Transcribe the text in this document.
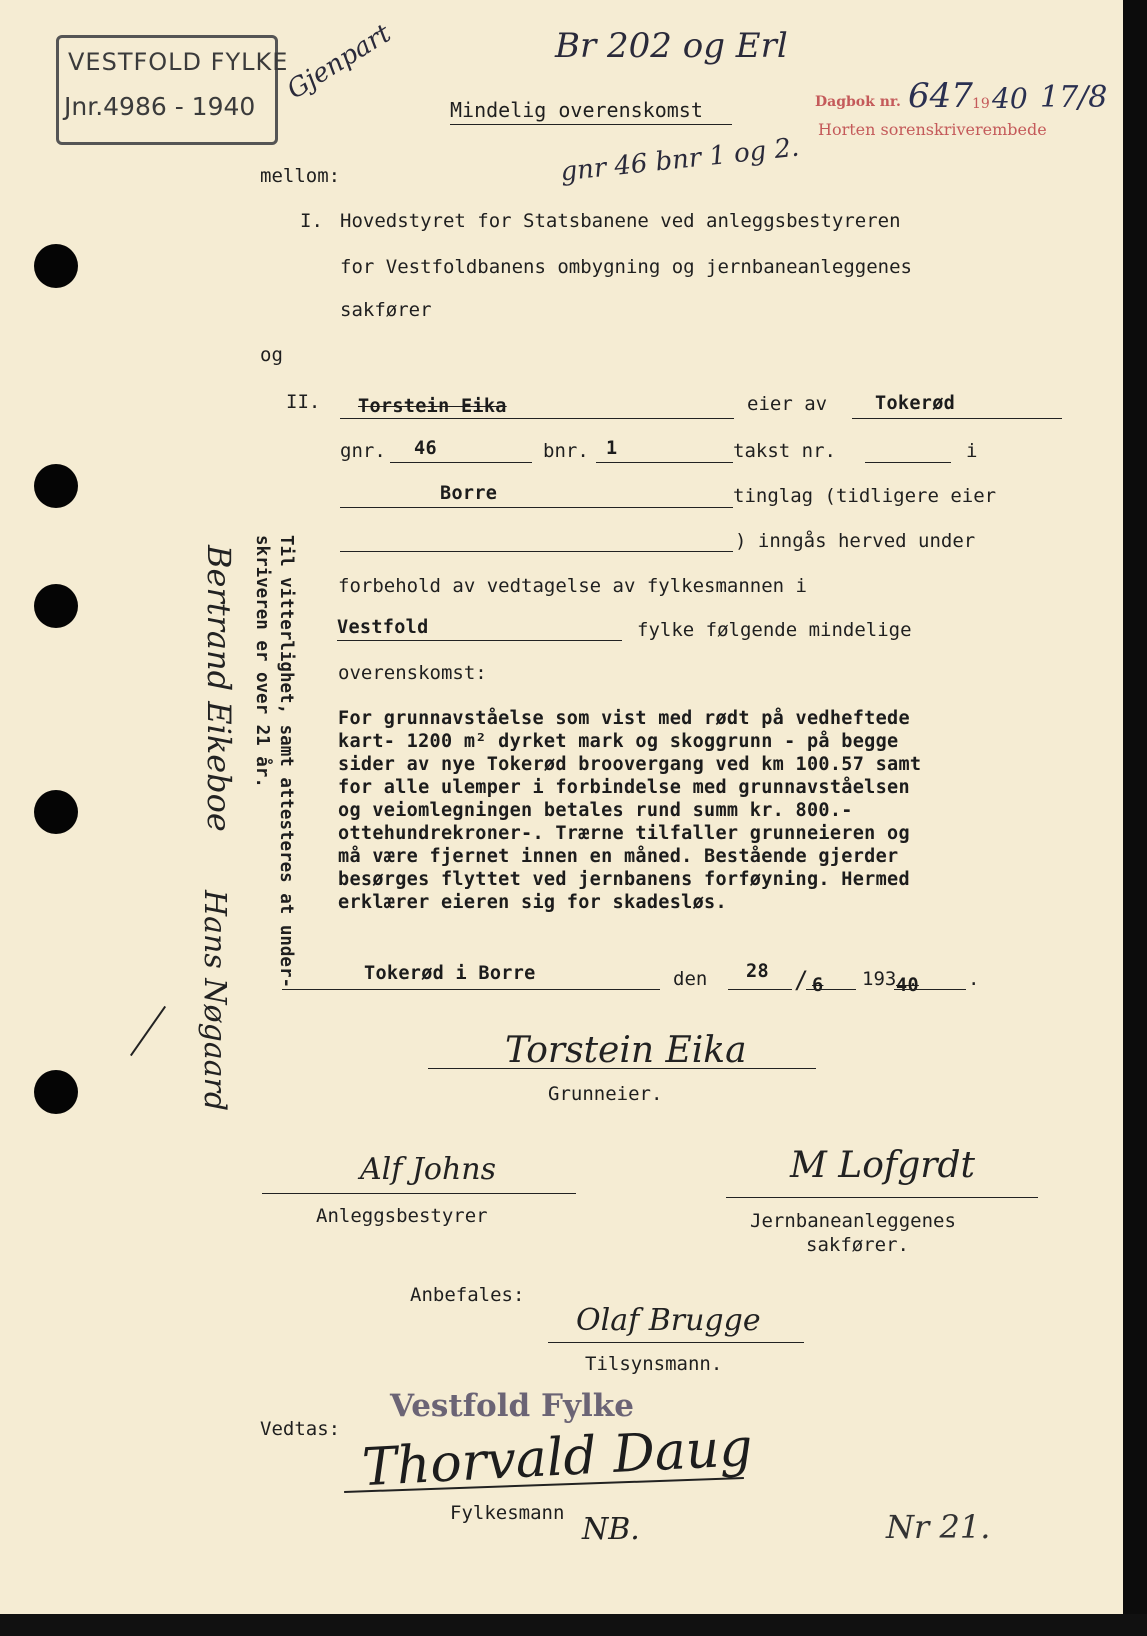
VESTFOLD FYLKE
Jnr.4986 - 1940
Gjenpart	Br 202 og Erl
gnr 46 bnr 1 og 2.
Dagbok nr. 647 19 40 17/8
Horten sorenskriverembede
Mindelig overenskomst
mellom:
I. Hovedstyret for Statsbanene ved anleggsbestyreren
for Vestfoldbanens ombygning og jernbaneanleggenes
sakfører
og
II. Torstein Eika	eier av	Tokerød
gnr. 46	bnr. 1	takst nr.	i
Borre	tinglag (tidligere eier
) inngås herved under
forbehold av vedtagelse av fylkesmannen i
Vestfold	fylke følgende mindelige
overenskomst:
For grunnavståelse som vist med rødt på vedheftede
kart- 1200 m² dyrket mark og skoggrunn - på begge
sider av nye Tokerød broovergang ved km 100.57 samt
for alle ulemper i forbindelse med grunnavståelsen
og veiomlegningen betales rund summ kr. 800.-
ottehundrekroner-. Trærne tilfaller grunneieren og
må være fjernet innen en måned. Bestående gjerder
besørges flyttet ved jernbanens forføyning. Hermed
erklærer eieren sig for skadesløs.
Tokerød i Borre	den 28 / 6 193 40	.
Til vitterlighet, samt attesteres at under-
skriveren er over 21 år.
Bertrand Eikeboe
Hans Nøgaard	Torstein Eika
Grunneier.
Alf Johns
Anleggsbestyrer
M Lofgrdt
Jernbaneanleggenes
sakfører.
Anbefales:
Olaf Brugge
Tilsynsmann.
Vestfold Fylke
Vedtas: Thorvald Daug
Fylkesmann NB.	Nr 21.
